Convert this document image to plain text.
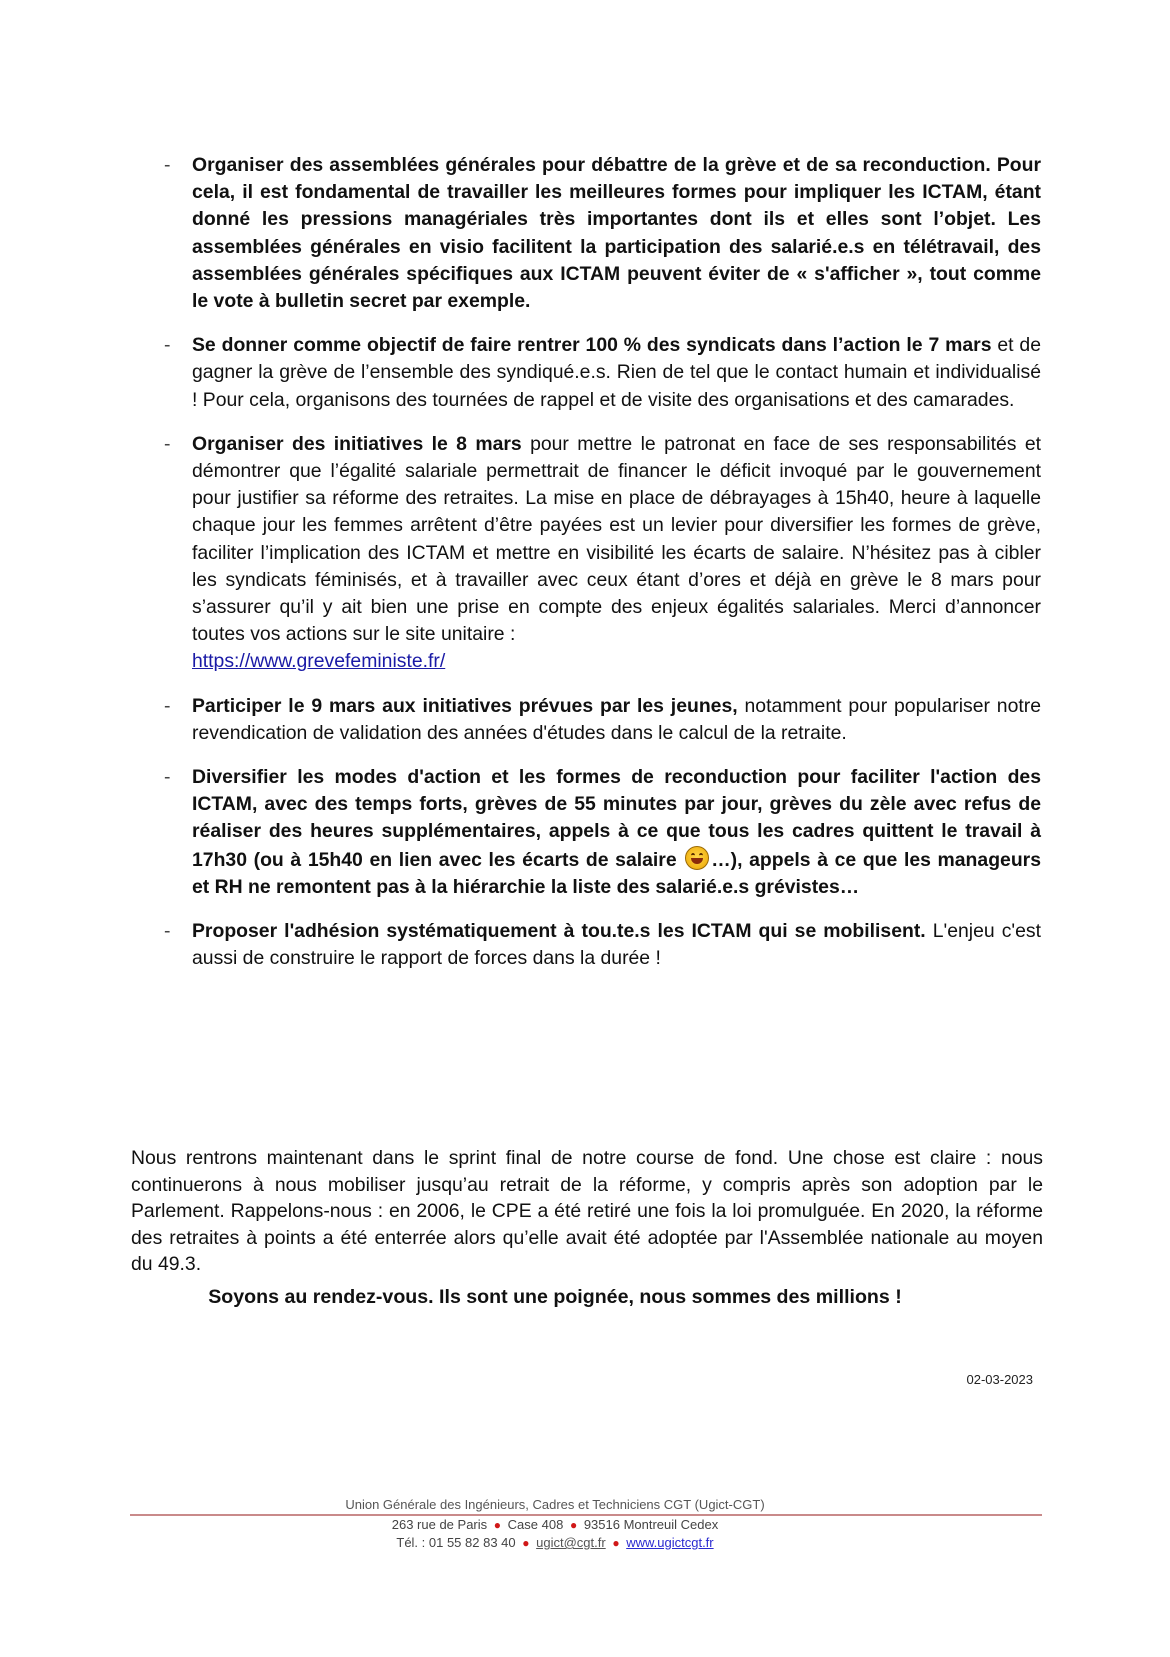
- Organiser des assemblées générales pour débattre de la grève et de sa reconduction. Pour cela, il est fondamental de travailler les meilleures formes pour impliquer les ICTAM, étant donné les pressions managériales très importantes dont ils et elles sont l’objet. Les assemblées générales en visio facilitent la participation des salarié.e.s en télétravail, des assemblées générales spécifiques aux ICTAM peuvent éviter de « s'afficher », tout comme le vote à bulletin secret par exemple.
- Se donner comme objectif de faire rentrer 100 % des syndicats dans l’action le 7 mars et de gagner la grève de l’ensemble des syndiqué.e.s. Rien de tel que le contact humain et individualisé ! Pour cela, organisons des tournées de rappel et de visite des organisations et des camarades.
- Organiser des initiatives le 8 mars pour mettre le patronat en face de ses responsabilités et démontrer que l’égalité salariale permettrait de financer le déficit invoqué par le gouvernement pour justifier sa réforme des retraites. La mise en place de débrayages à 15h40, heure à laquelle chaque jour les femmes arrêtent d’être payées est un levier pour diversifier les formes de grève, faciliter l’implication des ICTAM et mettre en visibilité les écarts de salaire. N’hésitez pas à cibler les syndicats féminisés, et à travailler avec ceux étant d’ores et déjà en grève le 8 mars pour s’assurer qu’il y ait bien une prise en compte des enjeux égalités salariales. Merci d’annoncer toutes vos actions sur le site unitaire :
https://www.grevefeministe.fr/
- Participer le 9 mars aux initiatives prévues par les jeunes, notamment pour populariser notre revendication de validation des années d'études dans le calcul de la retraite.
- Diversifier les modes d'action et les formes de reconduction pour faciliter l'action des ICTAM, avec des temps forts, grèves de 55 minutes par jour, grèves du zèle avec refus de réaliser des heures supplémentaires, appels à ce que tous les cadres quittent le travail à 17h30 (ou à 15h40 en lien avec les écarts de salaire
…), appels à ce que les manageurs et RH ne remontent pas à la hiérarchie la liste des salarié.e.s grévistes…
- Proposer l'adhésion systématiquement à tou.te.s les ICTAM qui se mobilisent. L'enjeu c'est aussi de construire le rapport de forces dans la durée !

Nous rentrons maintenant dans le sprint final de notre course de fond. Une chose est claire : nous continuerons à nous mobiliser jusqu’au retrait de la réforme, y compris après son adoption par le Parlement. Rappelons-nous : en 2006, le CPE a été retiré une fois la loi promulguée. En 2020, la réforme des retraites à points a été enterrée alors qu’elle avait été adoptée par l'Assemblée nationale au moyen du 49.3.

Soyons au rendez-vous. Ils sont une poignée, nous sommes des millions !
02-03-2023
Union Générale des Ingénieurs, Cadres et Techniciens CGT (Ugict-CGT)
263 rue de Paris ● Case 408 ● 93516 Montreuil Cedex
Tél. : 01 55 82 83 40 ● ugict@cgt.fr ● www.ugictcgt.fr
